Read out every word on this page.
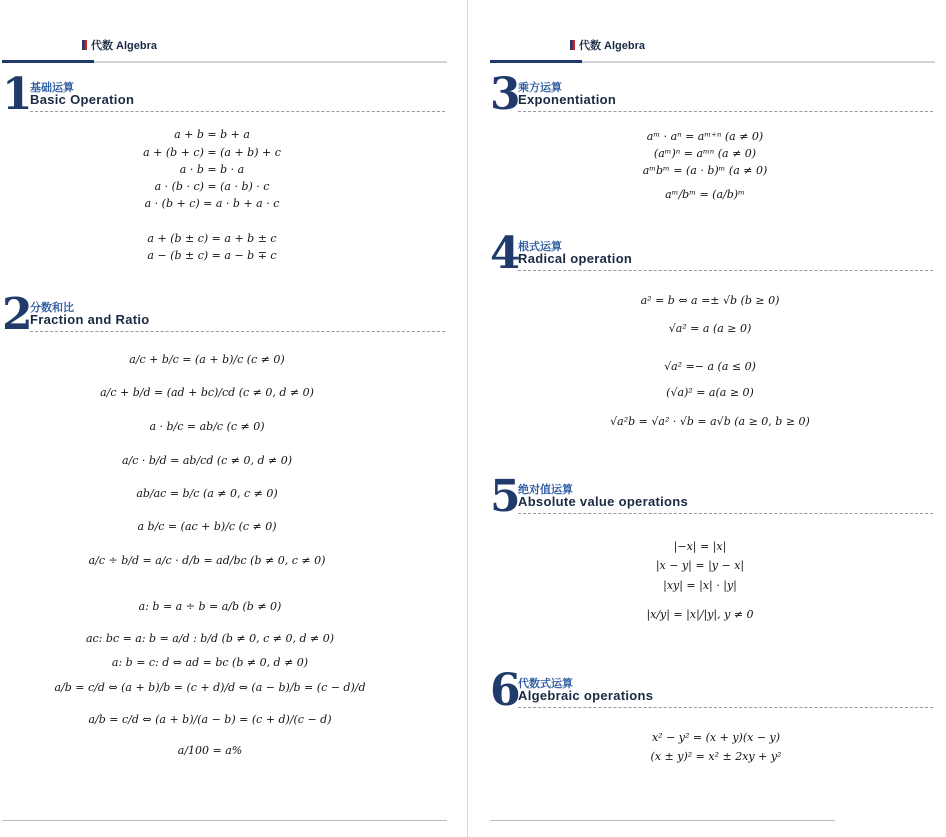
代数 Algebra
1
基础运算
Basic Operation
a + b = b + a
a + (b + c) = (a + b) + c
a · b = b · a
a · (b · c) = (a · b) · c
a · (b + c) = a · b + a · c
a + (b ± c) = a + b ± c
a − (b ± c) = a − b ∓ c
2
分数和比
Fraction and Ratio
a/c + b/c = (a + b)/c (c ≠ 0)
a/c + b/d = (ad + bc)/cd (c ≠ 0, d ≠ 0)
a · b/c = ab/c (c ≠ 0)
a/c · b/d = ab/cd (c ≠ 0, d ≠ 0)
ab/ac = b/c (a ≠ 0, c ≠ 0)
a b/c = (ac + b)/c (c ≠ 0)
a/c ÷ b/d = a/c · d/b = ad/bc (b ≠ 0, c ≠ 0)
a: b = a ÷ b = a/b (b ≠ 0)
ac: bc = a: b = a/d : b/d (b ≠ 0, c ≠ 0, d ≠ 0)
a: b = c: d ⇔ ad = bc (b ≠ 0, d ≠ 0)
a/b = c/d ⇔ (a + b)/b = (c + d)/d ⇔ (a − b)/b = (c − d)/d
a/b = c/d ⇔ (a + b)/(a − b) = (c + d)/(c − d)
a/100 = a%
代数 Algebra
3
乘方运算
Exponentiation
aᵐ · aⁿ = aᵐ⁺ⁿ (a ≠ 0)
(aᵐ)ⁿ = aᵐⁿ (a ≠ 0)
aᵐbᵐ = (a · b)ᵐ (a ≠ 0)
aᵐ/bᵐ = (a/b)ᵐ
4
根式运算
Radical operation
a² = b ⇔ a =± √b (b ≥ 0)
√a² = a (a ≥ 0)
√a² =− a (a ≤ 0)
(√a)² = a(a ≥ 0)
√a²b = √a² · √b = a√b (a ≥ 0, b ≥ 0)
5
绝对值运算
Absolute value operations
|−x| = |x|
|x − y| = |y − x|
|xy| = |x| · |y|
|x/y| = |x|/|y|, y ≠ 0
6
代数式运算
Algebraic operations
x² − y² = (x + y)(x − y)
(x ± y)² = x² ± 2xy + y²
